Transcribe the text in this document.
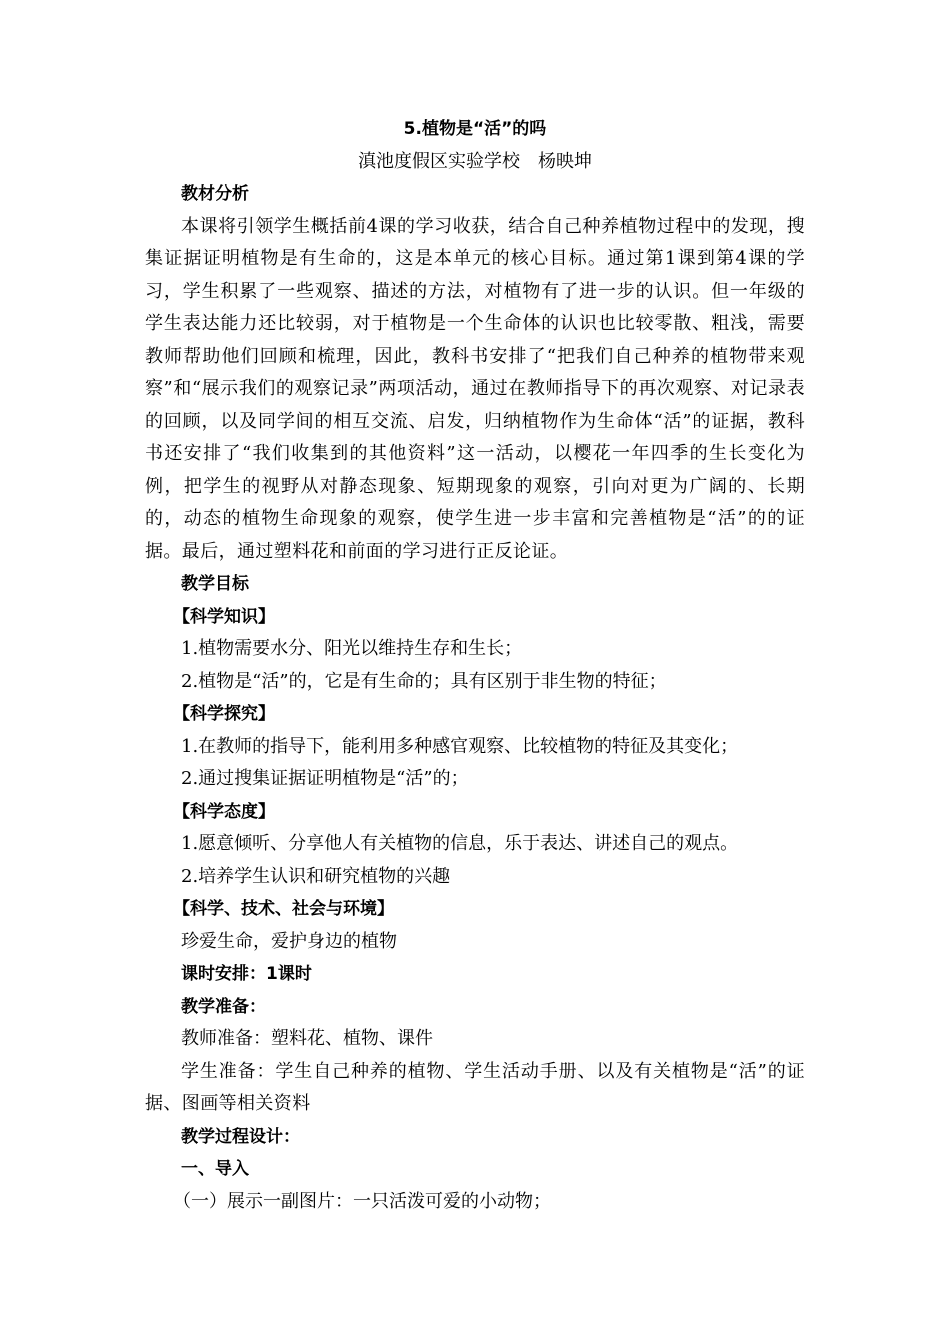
5.植物是“活”的吗
滇池度假区实验学校　杨映坤
教材分析
本课将引领学生概括前4课的学习收获，结合自己种养植物过程中的发现，搜集证据证明植物是有生命的，这是本单元的核心目标。通过第1课到第4课的学习，学生积累了一些观察、描述的方法，对植物有了进一步的认识。但一年级的学生表达能力还比较弱，对于植物是一个生命体的认识也比较零散、粗浅，需要教师帮助他们回顾和梳理，因此，教科书安排了“把我们自己种养的植物带来观察”和“展示我们的观察记录”两项活动，通过在教师指导下的再次观察、对记录表的回顾，以及同学间的相互交流、启发，归纳植物作为生命体“活”的证据，教科书还安排了“我们收集到的其他资料”这一活动，以樱花一年四季的生长变化为例，把学生的视野从对静态现象、短期现象的观察，引向对更为广阔的、长期的，动态的植物生命现象的观察，使学生进一步丰富和完善植物是“活”的的证据。最后，通过塑料花和前面的学习进行正反论证。
教学目标
【科学知识】
1.植物需要水分、阳光以维持生存和生长；
2.植物是“活”的，它是有生命的；具有区别于非生物的特征；
【科学探究】
1.在教师的指导下，能利用多种感官观察、比较植物的特征及其变化；
2.通过搜集证据证明植物是“活”的；
【科学态度】
1.愿意倾听、分享他人有关植物的信息，乐于表达、讲述自己的观点。
2.培养学生认识和研究植物的兴趣
【科学、技术、社会与环境】
珍爱生命，爱护身边的植物
课时安排：1课时
教学准备：
教师准备：塑料花、植物、课件
学生准备：学生自己种养的植物、学生活动手册、以及有关植物是“活”的证据、图画等相关资料
教学过程设计：
一、导入
（一）展示一副图片：一只活泼可爱的小动物；
